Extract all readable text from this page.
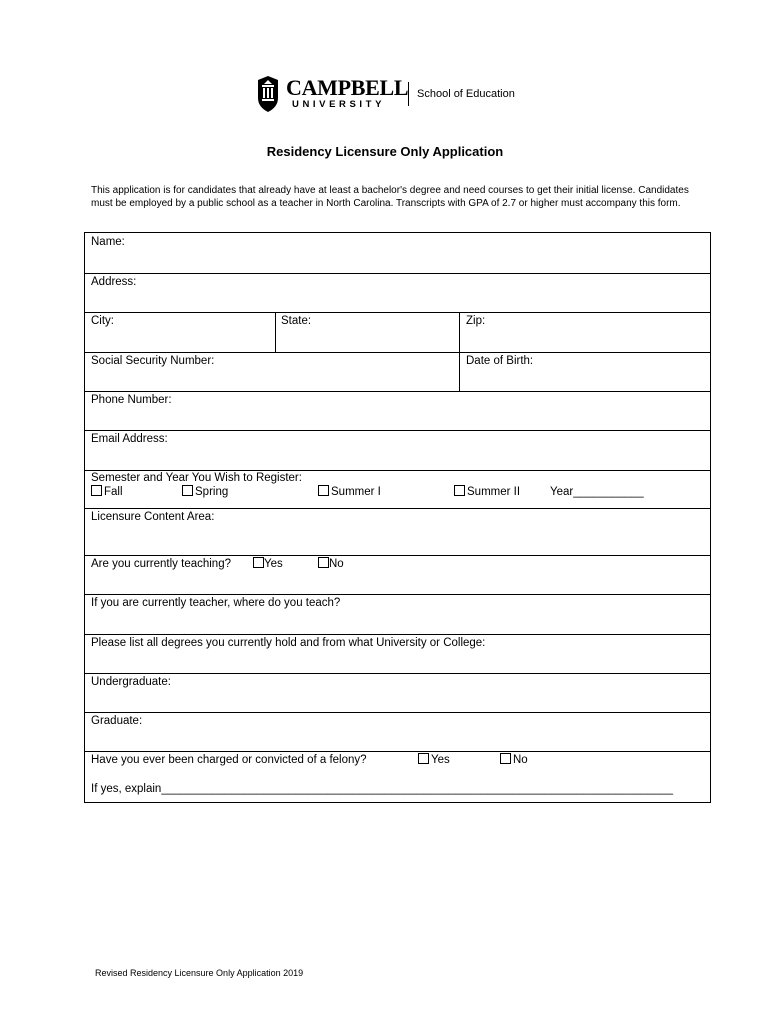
CAMPBELL
UNIVERSITY
School of Education
Residency Licensure Only Application
This application is for candidates that already have at least a bachelor's degree and need courses to get their initial license. Candidates must be employed by a public school as a teacher in North Carolina. Transcripts with GPA of 2.7 or higher must accompany this form.
Name:
Address:
City:	State:	Zip:
Social Security Number:	Date of Birth:
Phone Number:
Email Address:
Semester and Year You Wish to Register:
Fall	Spring	Summer I	Summer II	Year___________
Licensure Content Area:
Are you currently teaching?	Yes	No
If you are currently teacher, where do you teach?
Please list all degrees you currently hold and from what University or College:
Undergraduate:
Graduate:
Have you ever been charged or convicted of a felony?	Yes	No
If yes, explain________________________________________________________________________________
Revised Residency Licensure Only Application 2019
